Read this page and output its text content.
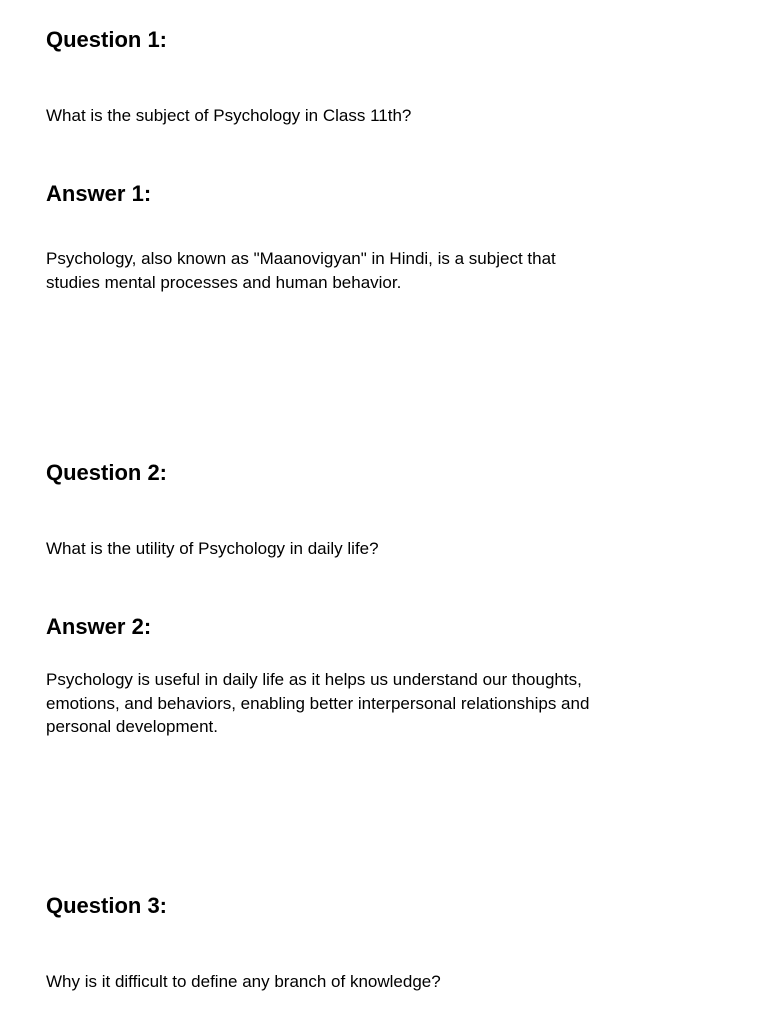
Question 1:

What is the subject of Psychology in Class 11th?

Answer 1:

Psychology, also known as "Maanovigyan" in Hindi, is a subject that studies mental processes and human behavior.

Question 2:

What is the utility of Psychology in daily life?

Answer 2:

Psychology is useful in daily life as it helps us understand our thoughts, emotions, and behaviors, enabling better interpersonal relationships and personal development.

Question 3:

Why is it difficult to define any branch of knowledge?
